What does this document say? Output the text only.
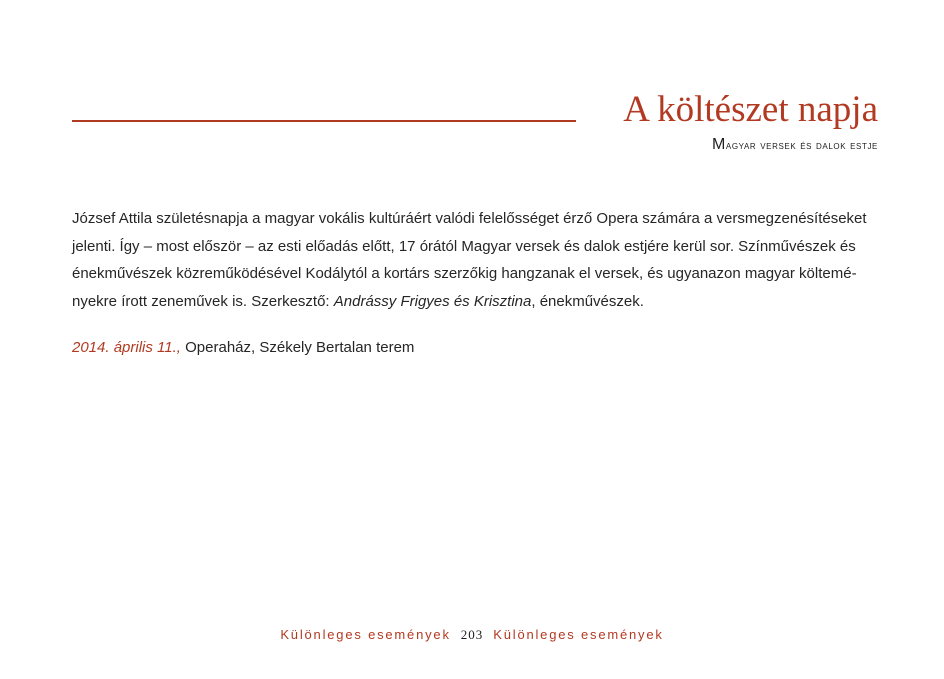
A költészet napja
Magyar versek és dalok estje
József Attila születésnapja a magyar vokális kultúráért valódi felelősséget érző Opera számára a versmegzenésítéseket jelenti. Így – most először – az esti előadás előtt, 17 órától Magyar versek és dalok estjére kerül sor. Színművészek és énekművészek közreműködésével Kodálytól a kortárs szerzőkig hangzanak el versek, és ugyanazon magyar költeményekre írott zeneművek is. Szerkesztő: Andrássy Frigyes és Krisztina, énekművészek.
2014. április 11., Operaház, Székely Bertalan terem
Különleges események 203 Különleges események
